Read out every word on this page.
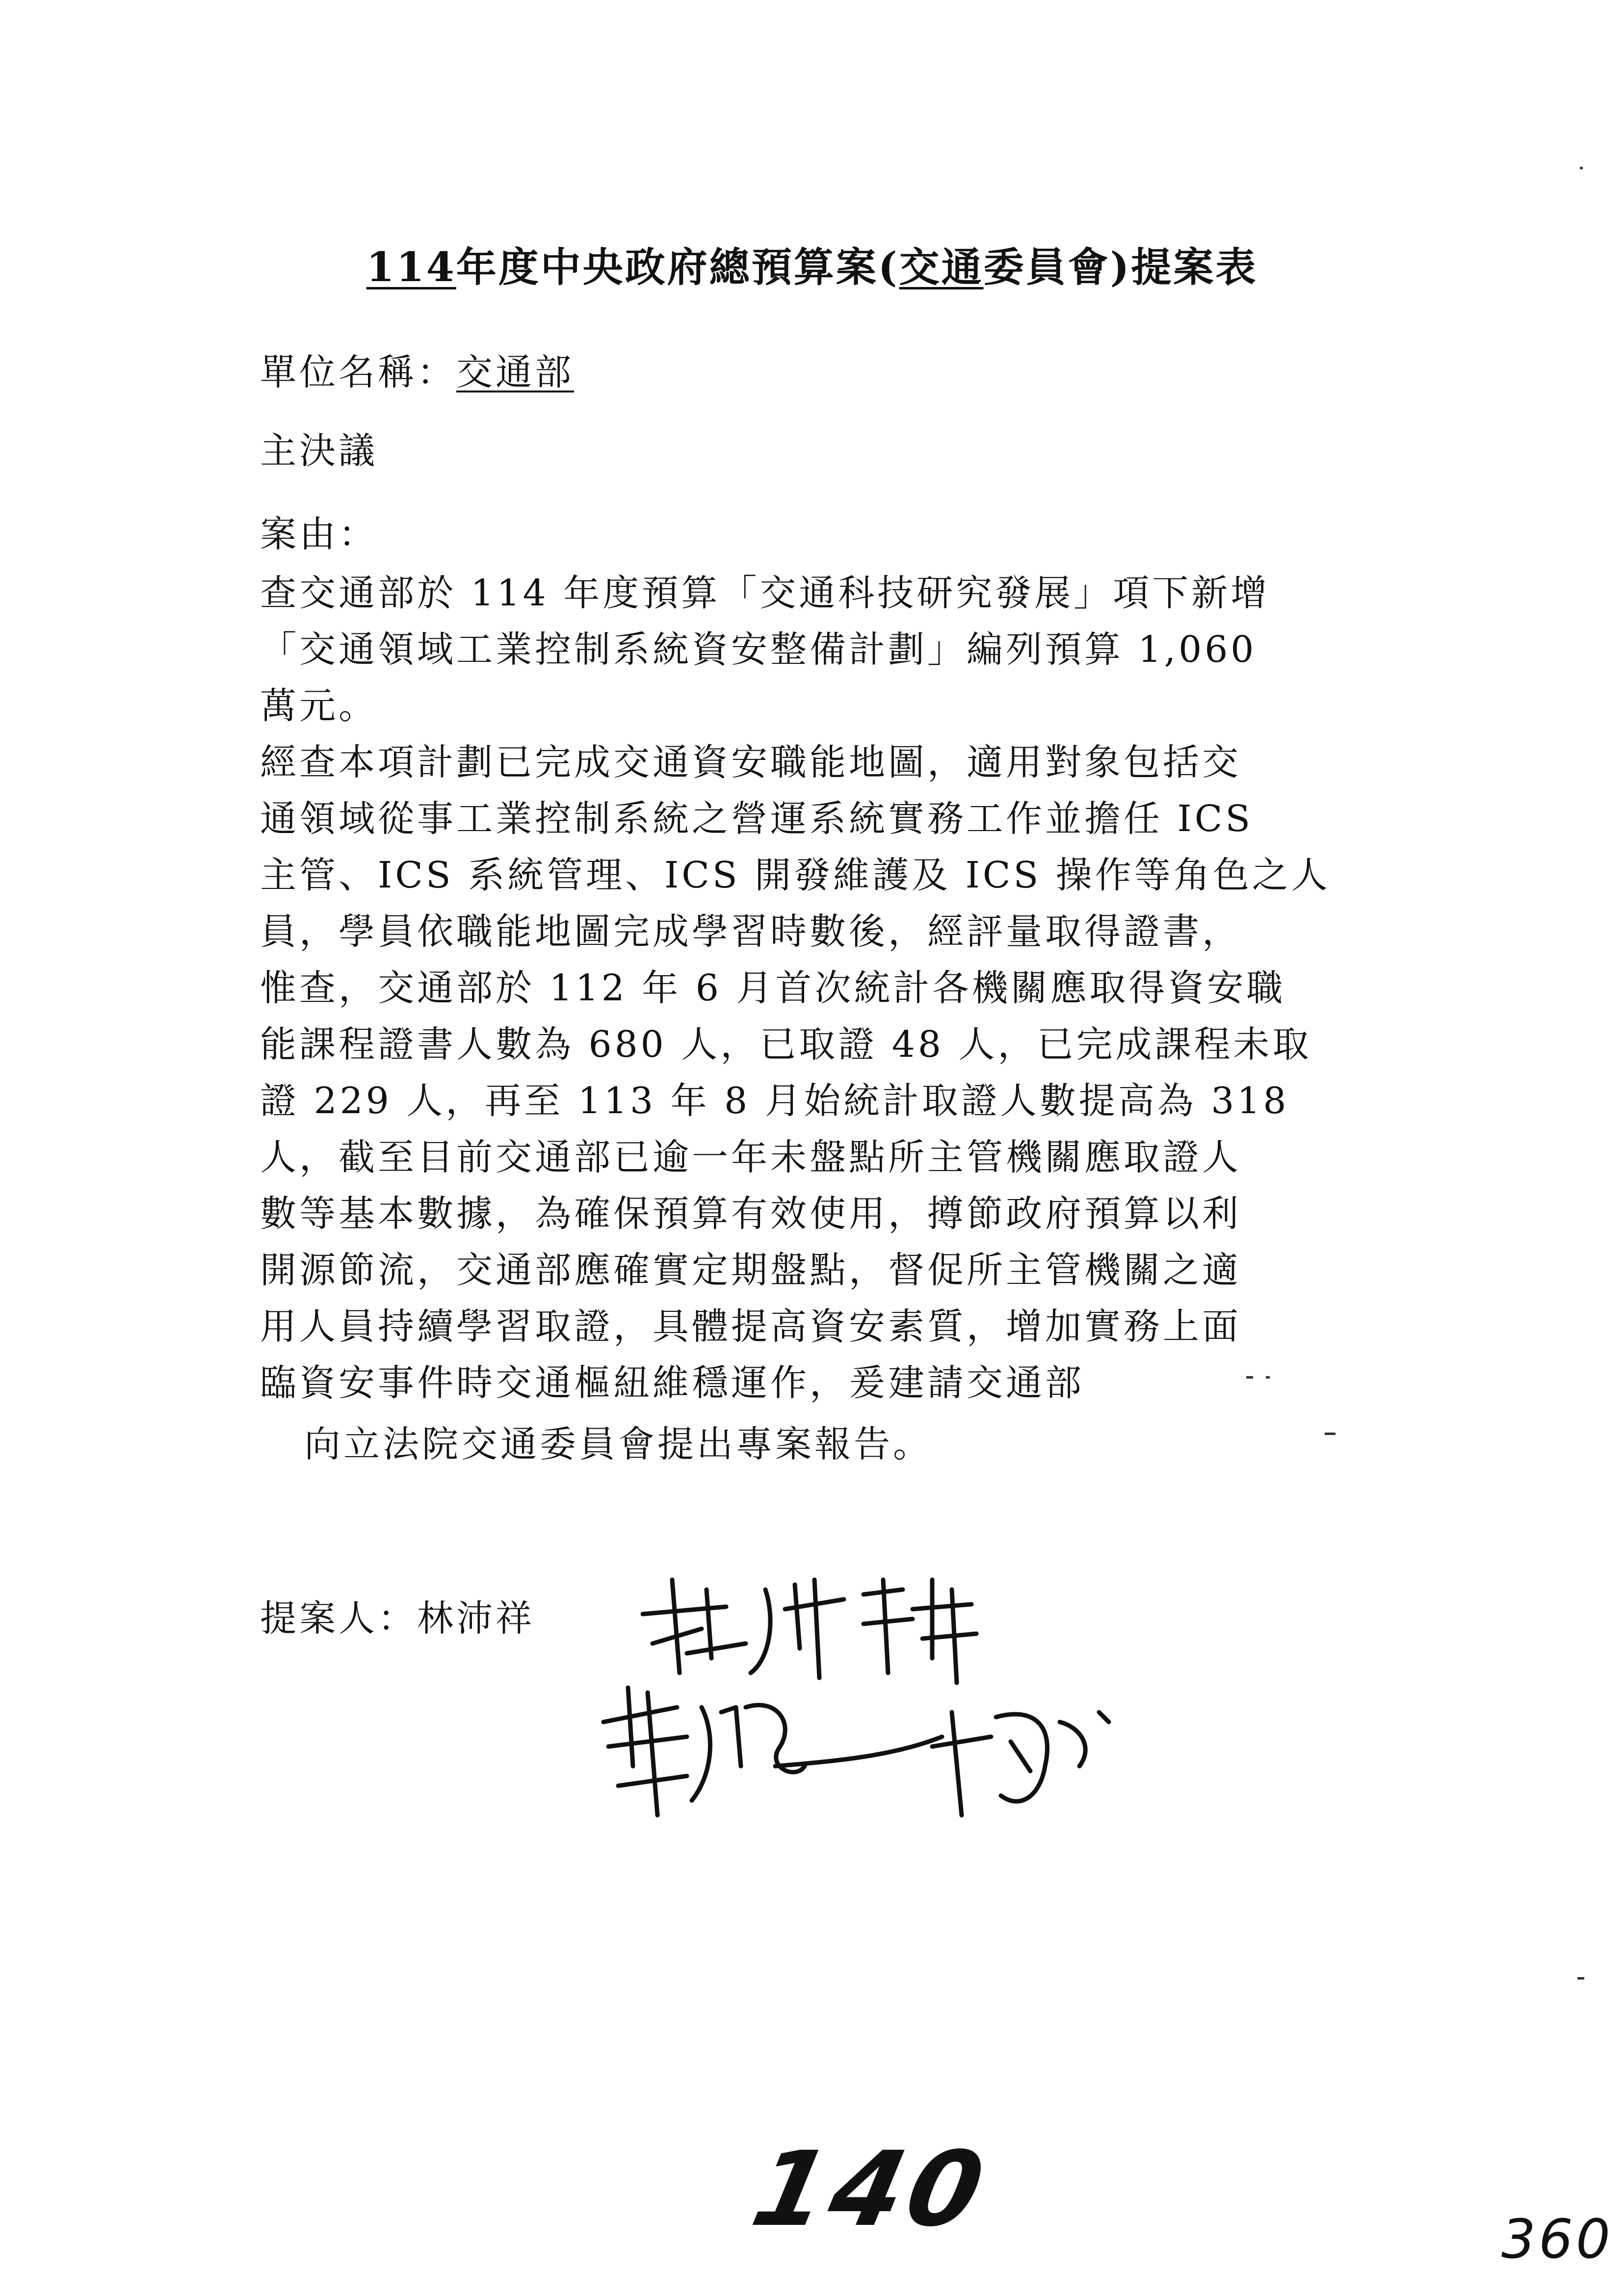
114年度中央政府總預算案(交通委員會)提案表
單位名稱：交通部
主決議
案由：
查交通部於 114 年度預算「交通科技研究發展」項下新增
「交通領域工業控制系統資安整備計劃」編列預算 1,060
萬元。
經查本項計劃已完成交通資安職能地圖，適用對象包括交
通領域從事工業控制系統之營運系統實務工作並擔任 ICS
主管、ICS 系統管理、ICS 開發維護及 ICS 操作等角色之人
員，學員依職能地圖完成學習時數後，經評量取得證書，
惟查，交通部於 112 年 6 月首次統計各機關應取得資安職
能課程證書人數為 680 人，已取證 48 人，已完成課程未取
證 229 人，再至 113 年 8 月始統計取證人數提高為 318
人，截至目前交通部已逾一年未盤點所主管機關應取證人
數等基本數據，為確保預算有效使用，撙節政府預算以利
開源節流，交通部應確實定期盤點，督促所主管機關之適
用人員持續學習取證，具體提高資安素質，增加實務上面
臨資安事件時交通樞紐維穩運作，爰建請交通部
向立法院交通委員會提出專案報告。
提案人：林沛祥
140	360
